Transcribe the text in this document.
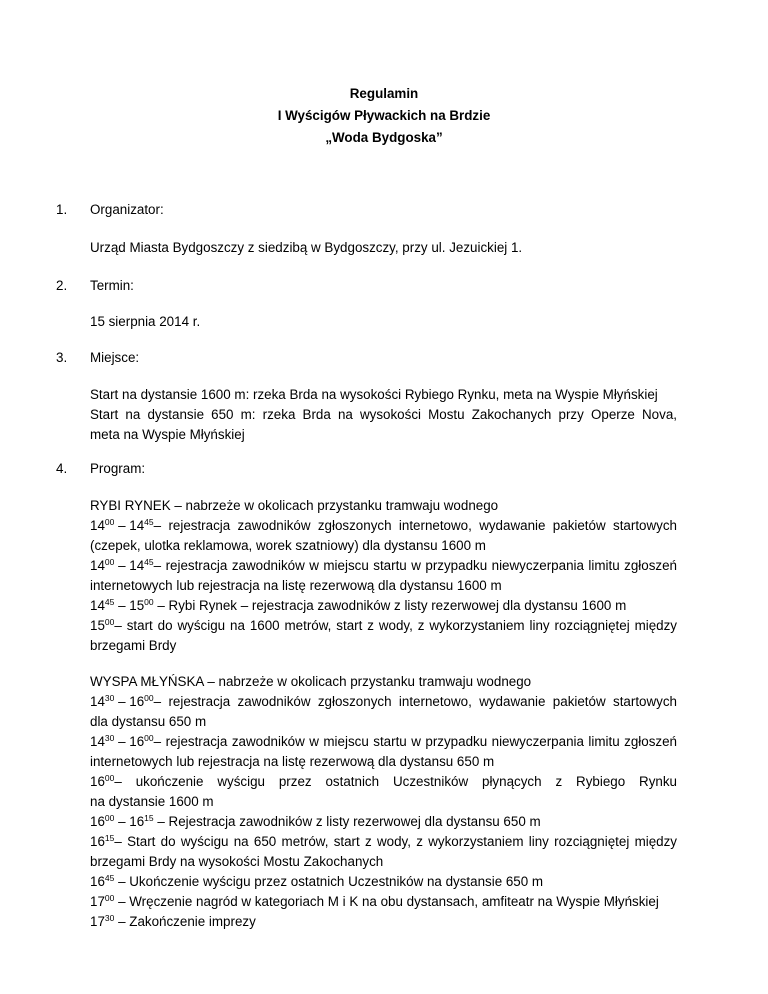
Regulamin
I Wyścigów Pływackich na Brdzie
„Woda Bydgoska”
1. Organizator:
Urząd Miasta Bydgoszczy z siedzibą w Bydgoszczy, przy ul. Jezuickiej 1.
2. Termin:
15 sierpnia 2014 r.
3. Miejsce:
Start na dystansie 1600 m: rzeka Brda na wysokości Rybiego Rynku, meta na Wyspie Młyńskiej
Start na dystansie 650 m: rzeka Brda na wysokości Mostu Zakochanych przy Operze Nova,
meta na Wyspie Młyńskiej
4. Program:
RYBI RYNEK – nabrzeże w okolicach przystanku tramwaju wodnego
$14^{00} - 14^{45}$ – rejestracja zawodników zgłoszonych internetowo, wydawanie pakietów startowych
(czepek, ulotka reklamowa, worek szatniowy) dla dystansu 1600 m
$14^{00} - 14^{45}$ – rejestracja zawodników w miejscu startu w przypadku niewyczerpania limitu zgłoszeń
internetowych lub rejestracja na listę rezerwową dla dystansu 1600 m
$14^{45} - 15^{00}$ – Rybi Rynek – rejestracja zawodników z listy rezerwowej dla dystansu 1600 m
$15^{00}$ – start do wyścigu na 1600 metrów, start z wody, z wykorzystaniem liny rozciągniętej między
brzegami Brdy
WYSPA MŁYŃSKA – nabrzeże w okolicach przystanku tramwaju wodnego
$14^{30} - 16^{00}$ – rejestracja zawodników zgłoszonych internetowo, wydawanie pakietów startowych
dla dystansu 650 m
$14^{30} - 16^{00}$ – rejestracja zawodników w miejscu startu w przypadku niewyczerpania limitu zgłoszeń
internetowych lub rejestracja na listę rezerwową dla dystansu 650 m
$16^{00}$ – ukończenie wyścigu przez ostatnich Uczestników płynących z Rybiego Rynku
na dystansie 1600 m
$16^{00} - 16^{15}$ – Rejestracja zawodników z listy rezerwowej dla dystansu 650 m
$16^{15}$ – Start do wyścigu na 650 metrów, start z wody, z wykorzystaniem liny rozciągniętej między
brzegami Brdy na wysokości Mostu Zakochanych
$16^{45}$ – Ukończenie wyścigu przez ostatnich Uczestników na dystansie 650 m
$17^{00}$ – Wręczenie nagród w kategoriach M i K na obu dystansach, amfiteatr na Wyspie Młyńskiej
$17^{30}$ – Zakończenie imprezy
